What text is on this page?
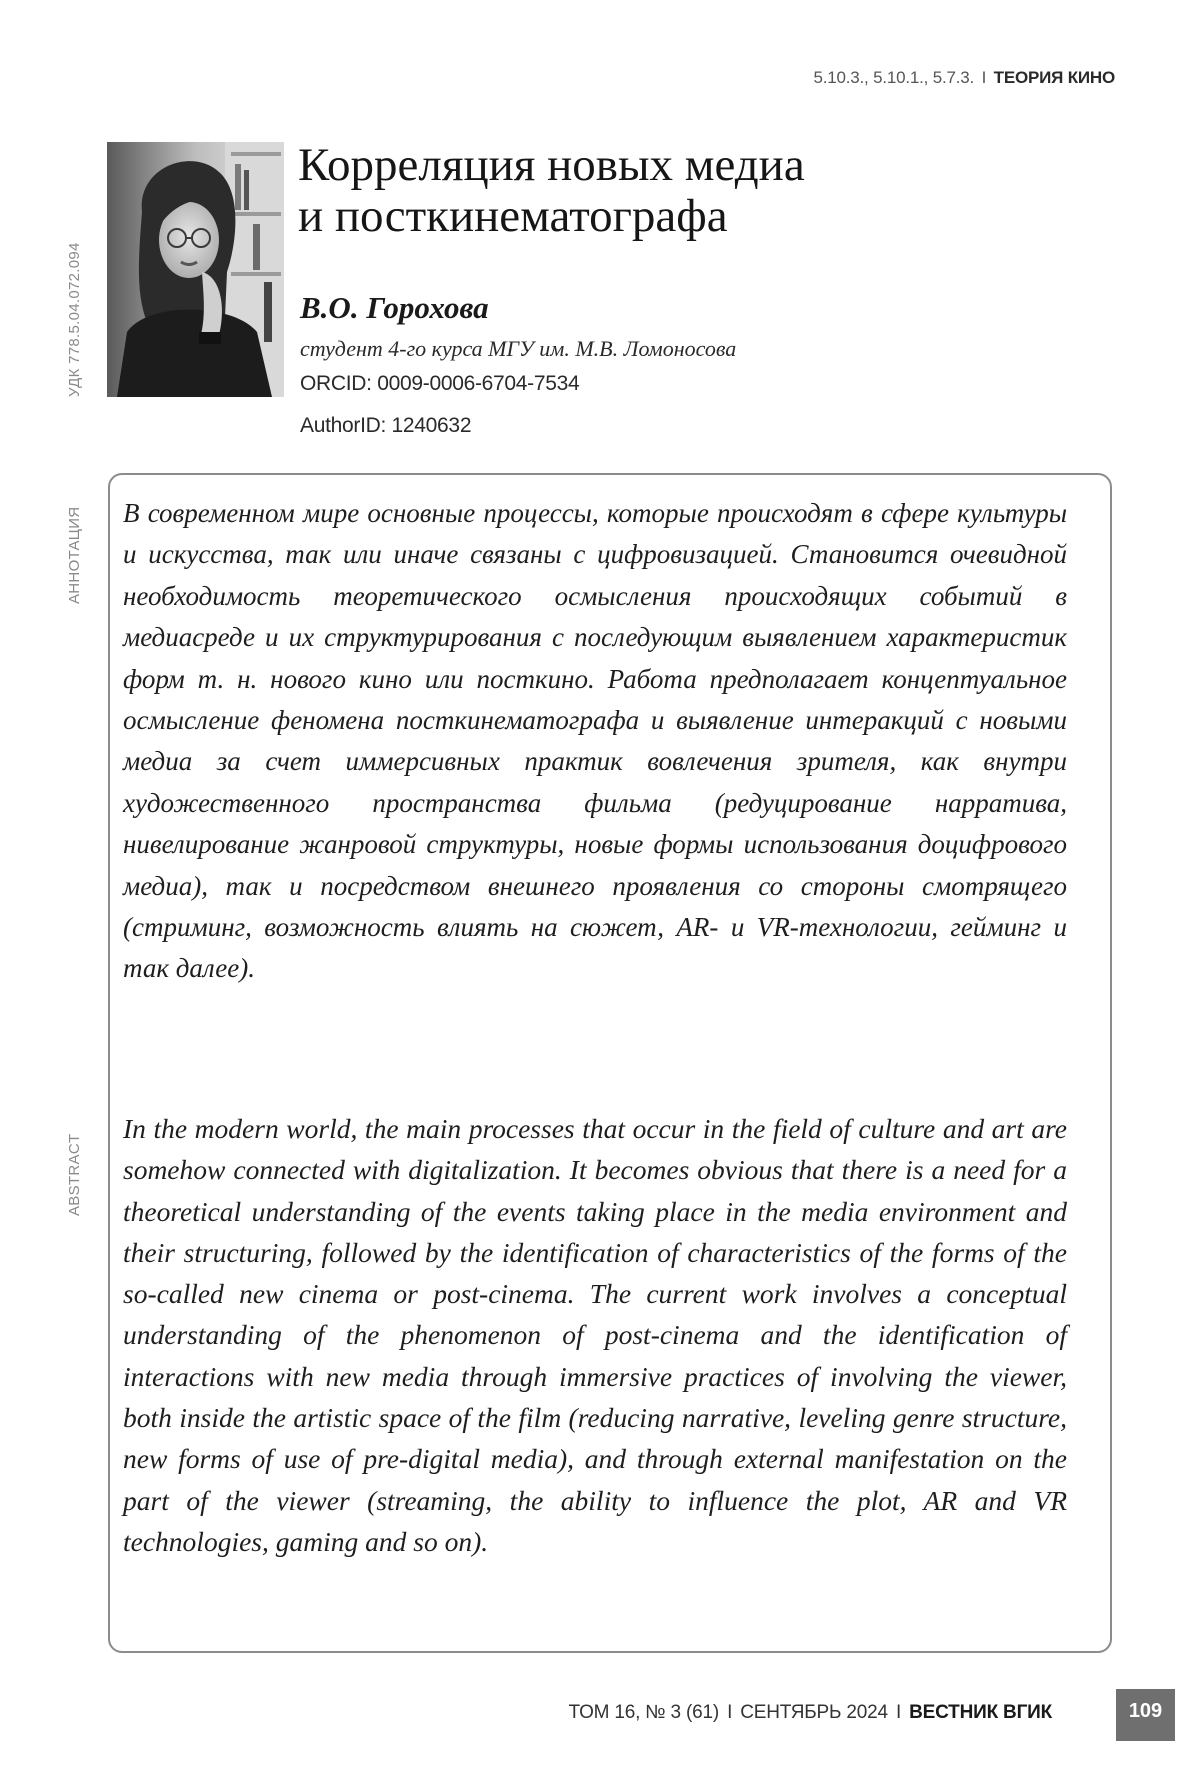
5.10.3., 5.10.1., 5.7.3. I ТЕОРИЯ КИНО
УДК 778.5.04.072.094
АННОТАЦИЯ
ABSTRACT
Корреляция новых медиа
и посткинематографа
В.О. Горохова
студент 4-го курса МГУ им. М.В. Ломоносова
ORCID: 0009-0006-6704-7534
AuthorID: 1240632

В современном мире основные процессы, которые происходят в сфере культуры и искусства, так или иначе связаны с цифровизацией. Становится очевидной необходимость теоретического осмысления происходящих событий в медиасреде и их структурирования с последующим выявлением характеристик форм т. н. нового кино или посткино. Работа предполагает концептуальное осмысление феномена посткинематографа и выявление интеракций с новыми медиа за счет иммерсивных практик вовлечения зрителя, как внутри художественного пространства фильма (редуцирование нарратива, нивелирование жанровой структуры, новые формы использования доцифрового медиа), так и посредством внешнего проявления со стороны смотрящего (стриминг, возможность влиять на сюжет, AR- и VR-технологии, гейминг и так далее).

In the modern world, the main processes that occur in the field of culture and art are somehow connected with digitalization. It becomes obvious that there is a need for a theoretical understanding of the events taking place in the media environment and their structuring, followed by the identification of characteristics of the forms of the so-called new cinema or post-cinema. The current work involves a conceptual understanding of the phenomenon of post-cinema and the identification of interactions with new media through immersive practices of involving the viewer, both inside the artistic space of the film (reducing narrative, leveling genre structure, new forms of use of pre-digital media), and through external manifestation on the part of the viewer (streaming, the ability to influence the plot, AR and VR technologies, gaming and so on).

ТОМ 16, № 3 (61) I СЕНТЯБРЬ 2024 I ВЕСТНИК ВГИК	109
